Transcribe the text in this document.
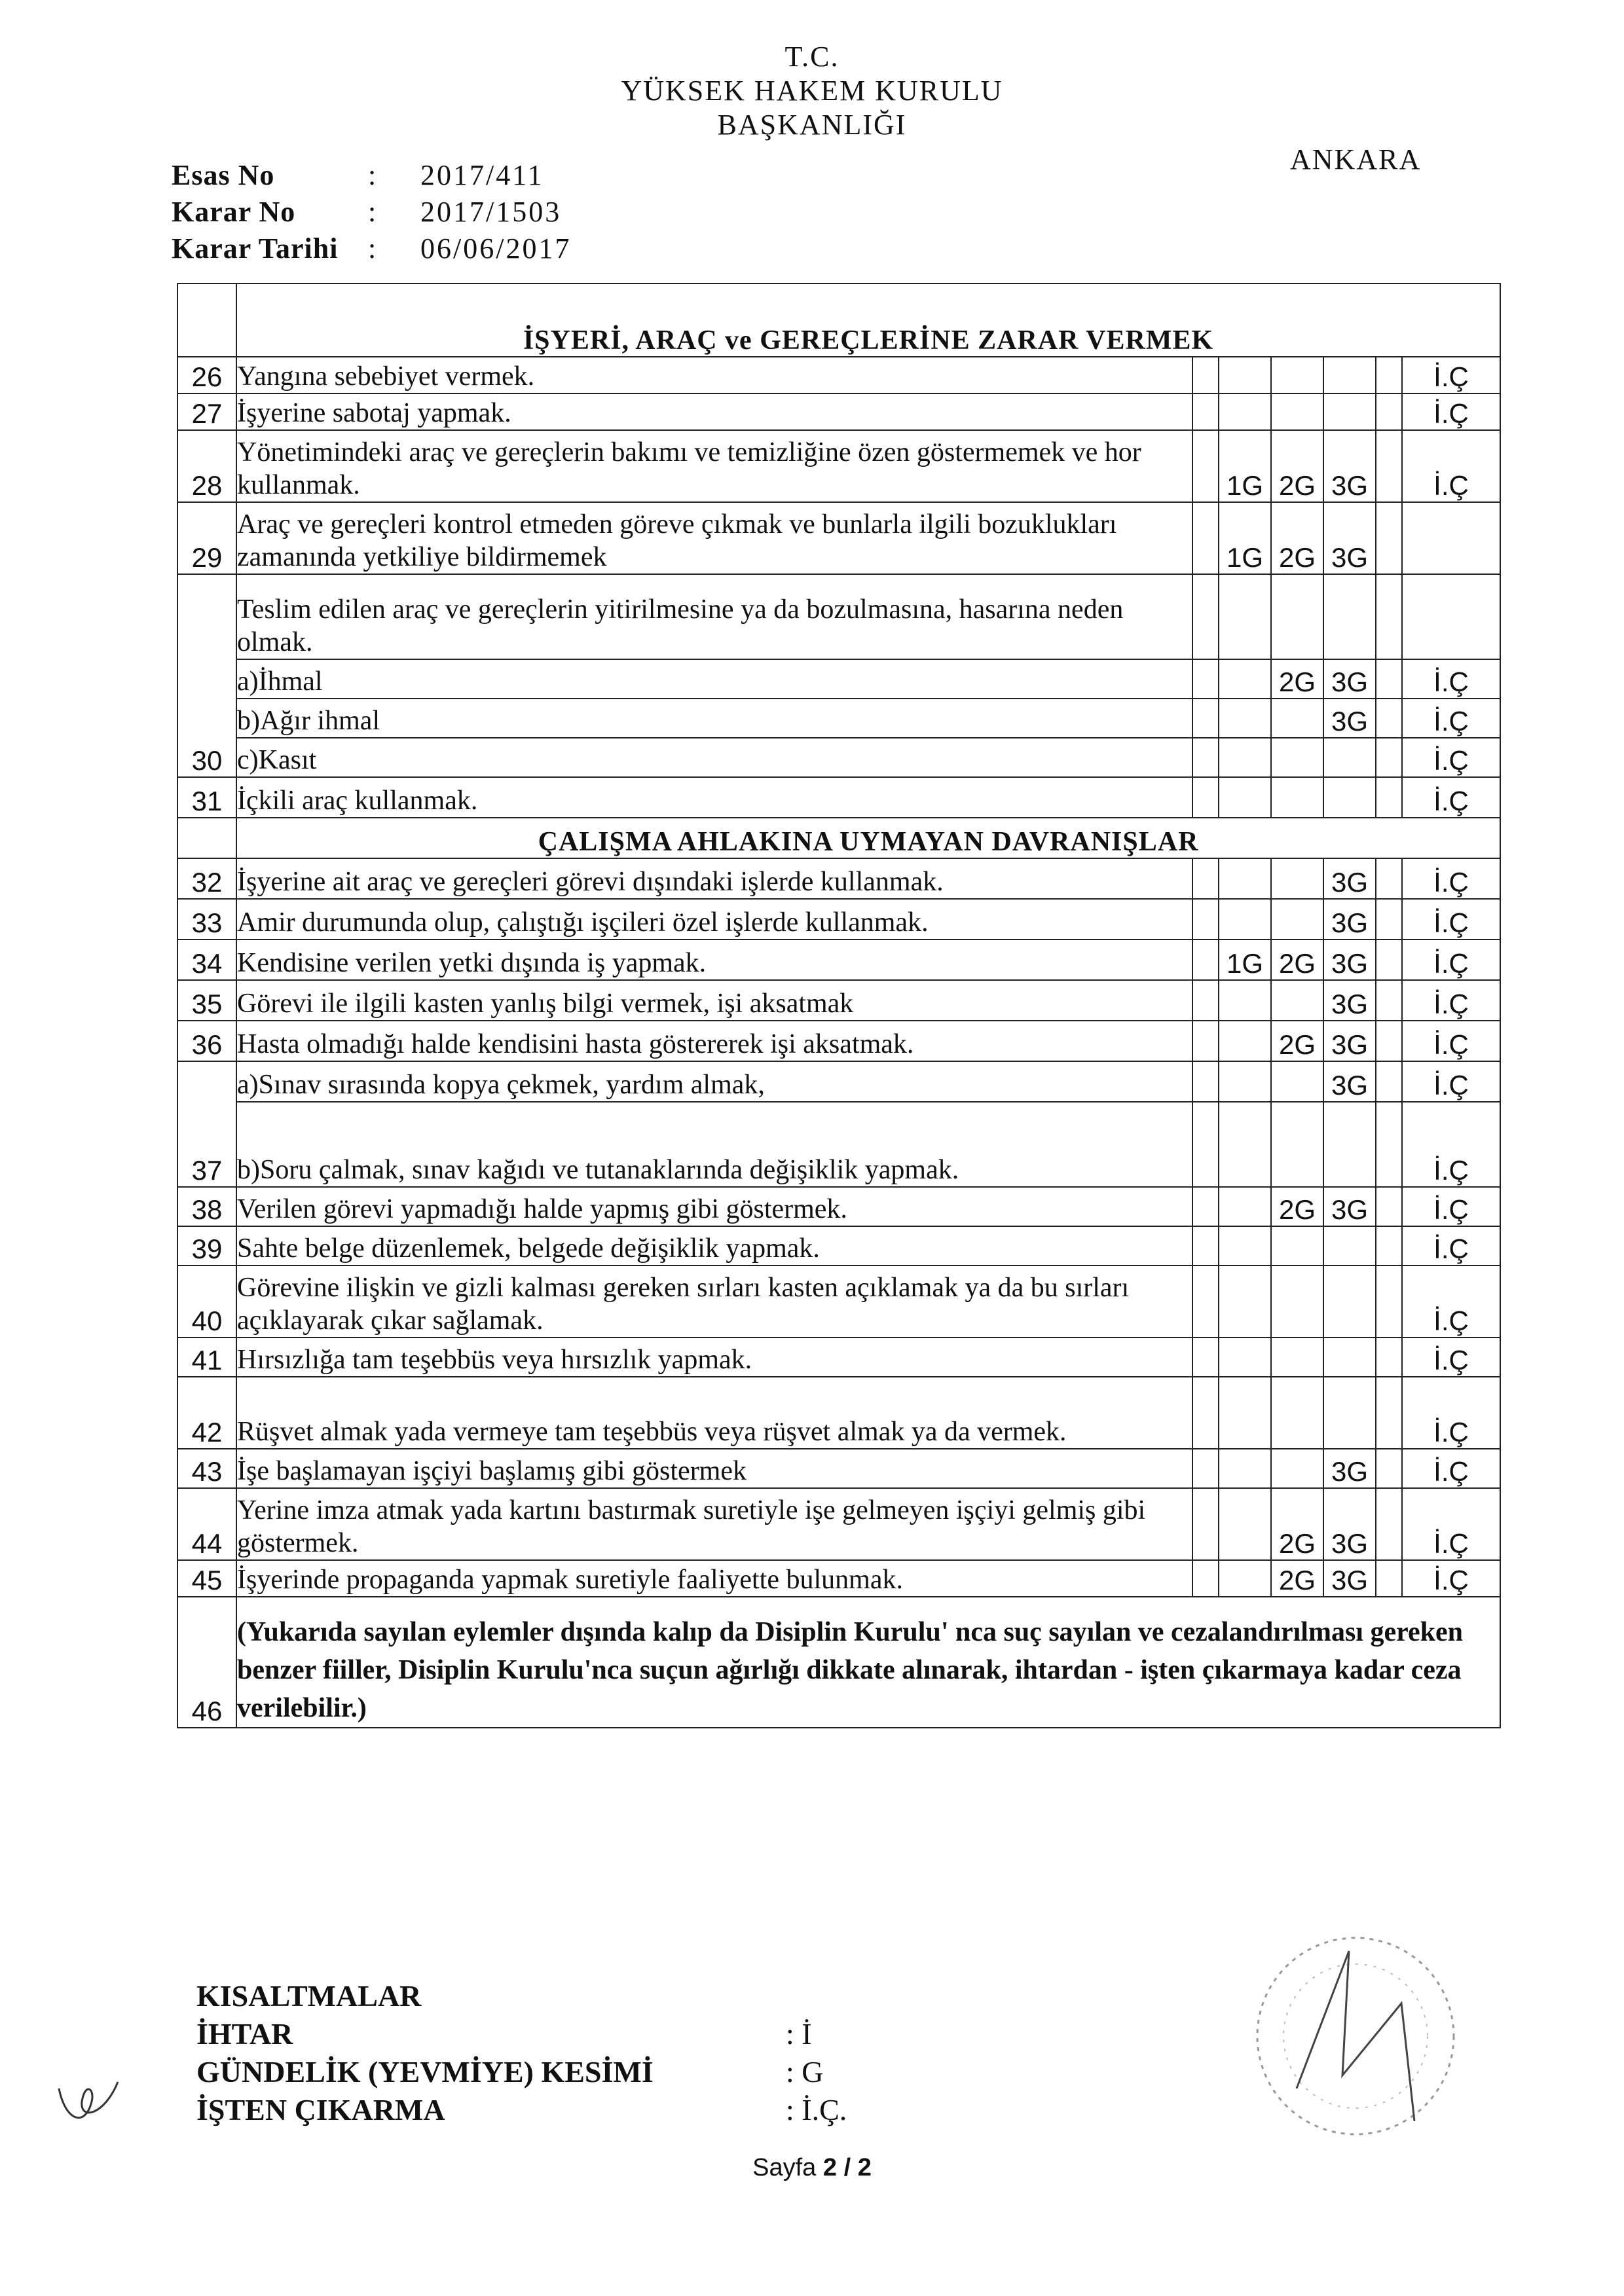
T.C.
YÜKSEK HAKEM KURULU
BAŞKANLIĞI
ANKARA
Esas No	:	2017/411
Karar No	:	2017/1503
Karar Tarihi	:	06/06/2017
	İŞYERİ, ARAÇ ve GEREÇLERİNE ZARAR VERMEK						
26	Yangına sebebiyet vermek.						İ.Ç
27	İşyerine sabotaj yapmak.						İ.Ç
28	Yönetimindeki araç ve gereçlerin bakımı ve temizliğine özen göstermemek ve hor kullanmak.		1G	2G	3G		İ.Ç
29	Araç ve gereçleri kontrol etmeden göreve çıkmak ve bunlarla ilgili bozuklukları zamanında yetkiliye bildirmemek		1G	2G	3G		
30	Teslim edilen araç ve gereçlerin yitirilmesine ya da bozulmasına, hasarına neden olmak.						
	a)İhmal			2G	3G		İ.Ç
	b)Ağır ihmal				3G		İ.Ç
	c)Kasıt						İ.Ç
31	İçkili araç kullanmak.						İ.Ç
	ÇALIŞMA AHLAKINA UYMAYAN DAVRANIŞLAR						
32	İşyerine ait araç ve gereçleri görevi dışındaki işlerde kullanmak.				3G		İ.Ç
33	Amir durumunda olup, çalıştığı işçileri özel işlerde kullanmak.				3G		İ.Ç
34	Kendisine verilen yetki dışında iş yapmak.		1G	2G	3G		İ.Ç
35	Görevi ile ilgili kasten yanlış bilgi vermek, işi aksatmak				3G		İ.Ç
36	Hasta olmadığı halde kendisini hasta göstererek işi aksatmak.			2G	3G		İ.Ç
37	a)Sınav sırasında kopya çekmek, yardım almak,				3G		İ.Ç
	b)Soru çalmak, sınav kağıdı ve tutanaklarında değişiklik yapmak.						İ.Ç
38	Verilen görevi yapmadığı halde yapmış gibi göstermek.			2G	3G		İ.Ç
39	Sahte belge düzenlemek, belgede değişiklik yapmak.						İ.Ç
40	Görevine ilişkin ve gizli kalması gereken sırları kasten açıklamak ya da bu sırları açıklayarak çıkar sağlamak.						İ.Ç
41	Hırsızlığa tam teşebbüs veya hırsızlık yapmak.						İ.Ç
42	Rüşvet almak yada vermeye tam teşebbüs veya rüşvet almak ya da vermek.						İ.Ç
43	İşe başlamayan işçiyi başlamış gibi göstermek				3G		İ.Ç
44	Yerine imza atmak yada kartını bastırmak suretiyle işe gelmeyen işçiyi gelmiş gibi göstermek.			2G	3G		İ.Ç
45	İşyerinde propaganda yapmak suretiyle faaliyette bulunmak.			2G	3G		İ.Ç
46	(Yukarıda sayılan eylemler dışında kalıp da Disiplin Kurulu' nca suç sayılan ve cezalandırılması gereken benzer fiiller, Disiplin Kurulu'nca suçun ağırlığı dikkate alınarak, ihtardan - işten çıkarmaya kadar ceza verilebilir.)						
KISALTMALAR
İHTAR	: İ
GÜNDELİK (YEVMİYE) KESİMİ	: G
İŞTEN ÇIKARMA	: İ.Ç.
Sayfa 2 / 2
